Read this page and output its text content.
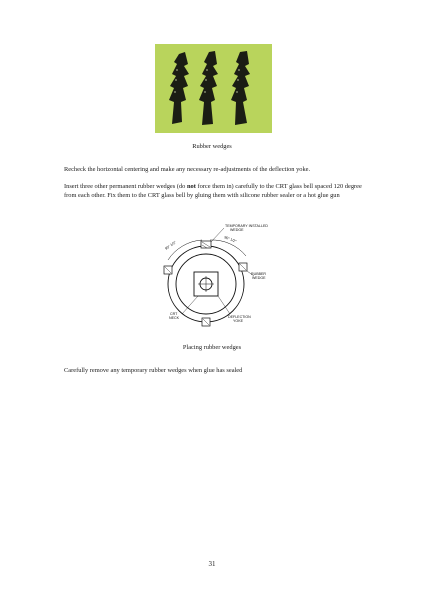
Rubber wedges
Recheck the horizontal centering and make any necessary re-adjustments of the deflection yoke.
Insert three other permanent rubber wedges (do not force them in) carefully to the CRT glass bell spaced 120 degree from each other. Fix them to the CRT glass bell by gluing them with silicone rubber sealer or a hot glue gun
TEMPORARY INSTALLED
WEDGE
90° 1/2"
90° 1/2"
RUBBER
WEDGE
CRT
NECK	DEFLECTION
YOKE
Placing rubber wedges
Carefully remove any temporary rubber wedges when glue has sealed
31
